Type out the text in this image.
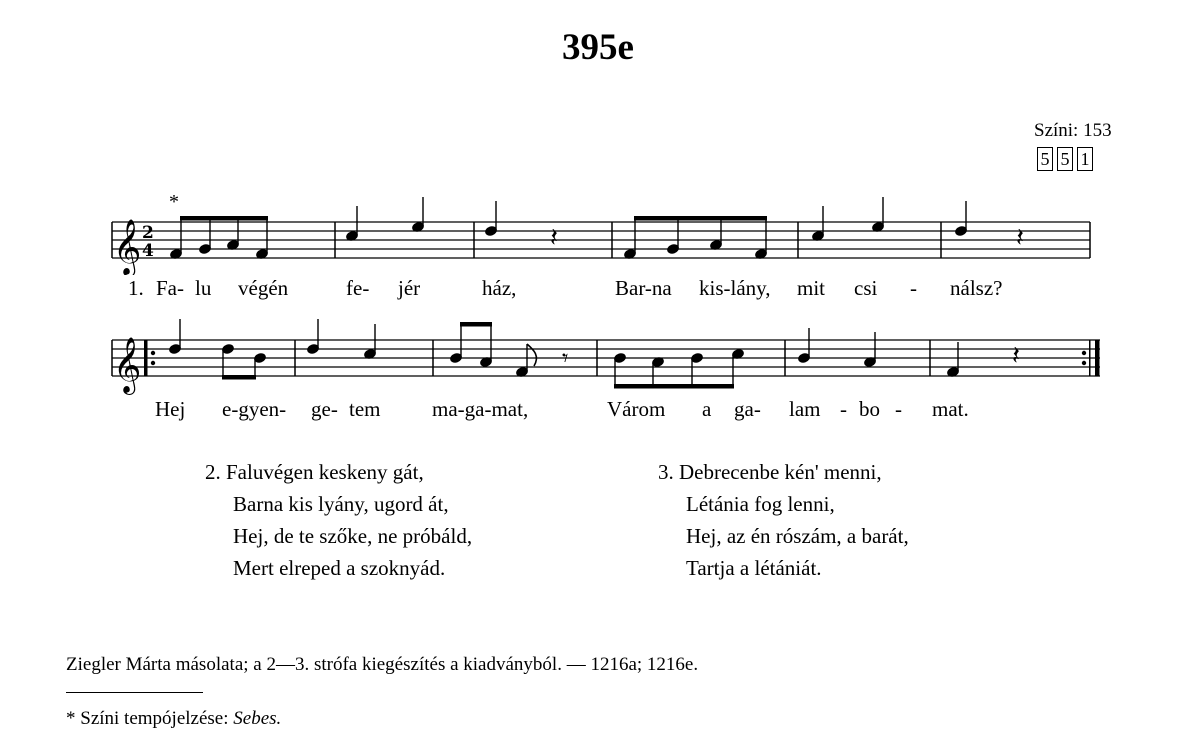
395e
Színi: 153
5 5 1
𝄞 2
4
*
𝄽	𝄽
1. Fa- lu végén	fe- jér	ház,	Bar-na kis-lány, mit csi - nálsz?
𝄞	𝄾	𝄽
Hej e-gyen- ge- tem ma-ga-mat,	Várom a ga- lam - bo - mat.
2. Faluvégen keskeny gát,
Barna kis lyány, ugord át,
Hej, de te szőke, ne próbáld,
Mert elreped a szoknyád.
3. Debrecenbe kén' menni,
Létánia fog lenni,
Hej, az én rószám, a barát,
Tartja a létániát.
Ziegler Márta másolata; a 2—3. strófa kiegészítés a kiadványból. — 1216a; 1216e.
* Színi tempójelzése: Sebes.
